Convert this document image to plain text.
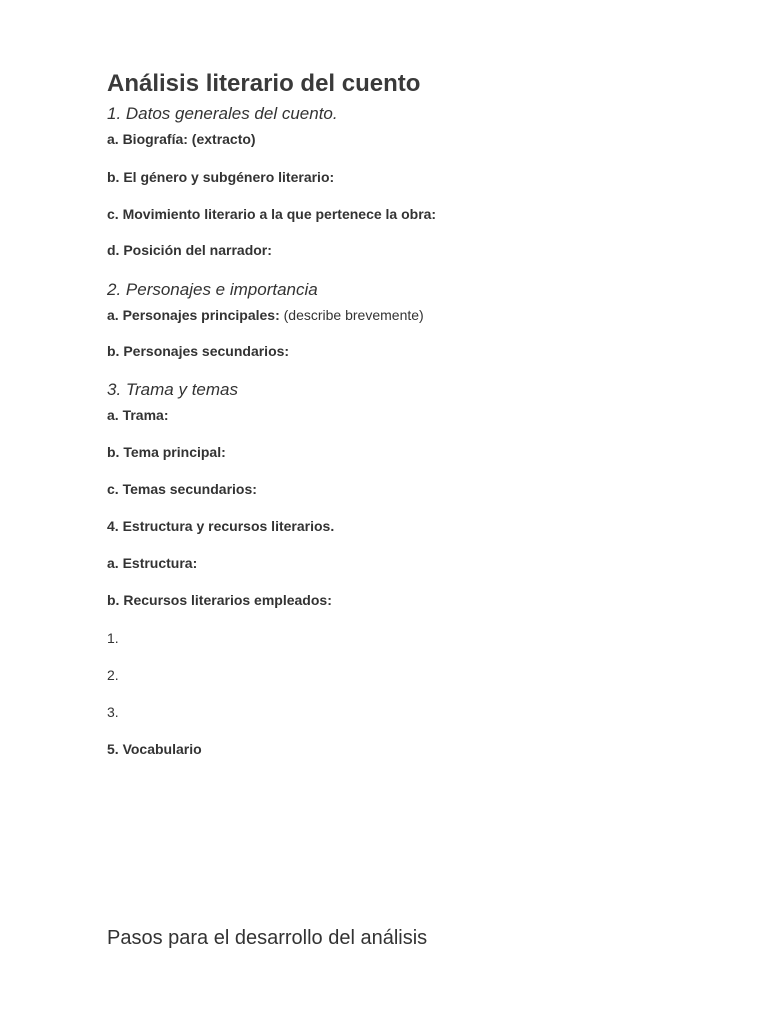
Análisis literario del cuento
1. Datos generales del cuento.
a. Biografía: (extracto)
b. El género y subgénero literario:
c. Movimiento literario a la que pertenece la obra:
d. Posición del narrador:
2. Personajes e importancia
a. Personajes principales: (describe brevemente)
b. Personajes secundarios:
3. Trama y temas
a. Trama:
b. Tema principal:
c. Temas secundarios:
4. Estructura y recursos literarios.
a. Estructura:
b. Recursos literarios empleados:
1.
2.
3.
5. Vocabulario
Pasos para el desarrollo del análisis
